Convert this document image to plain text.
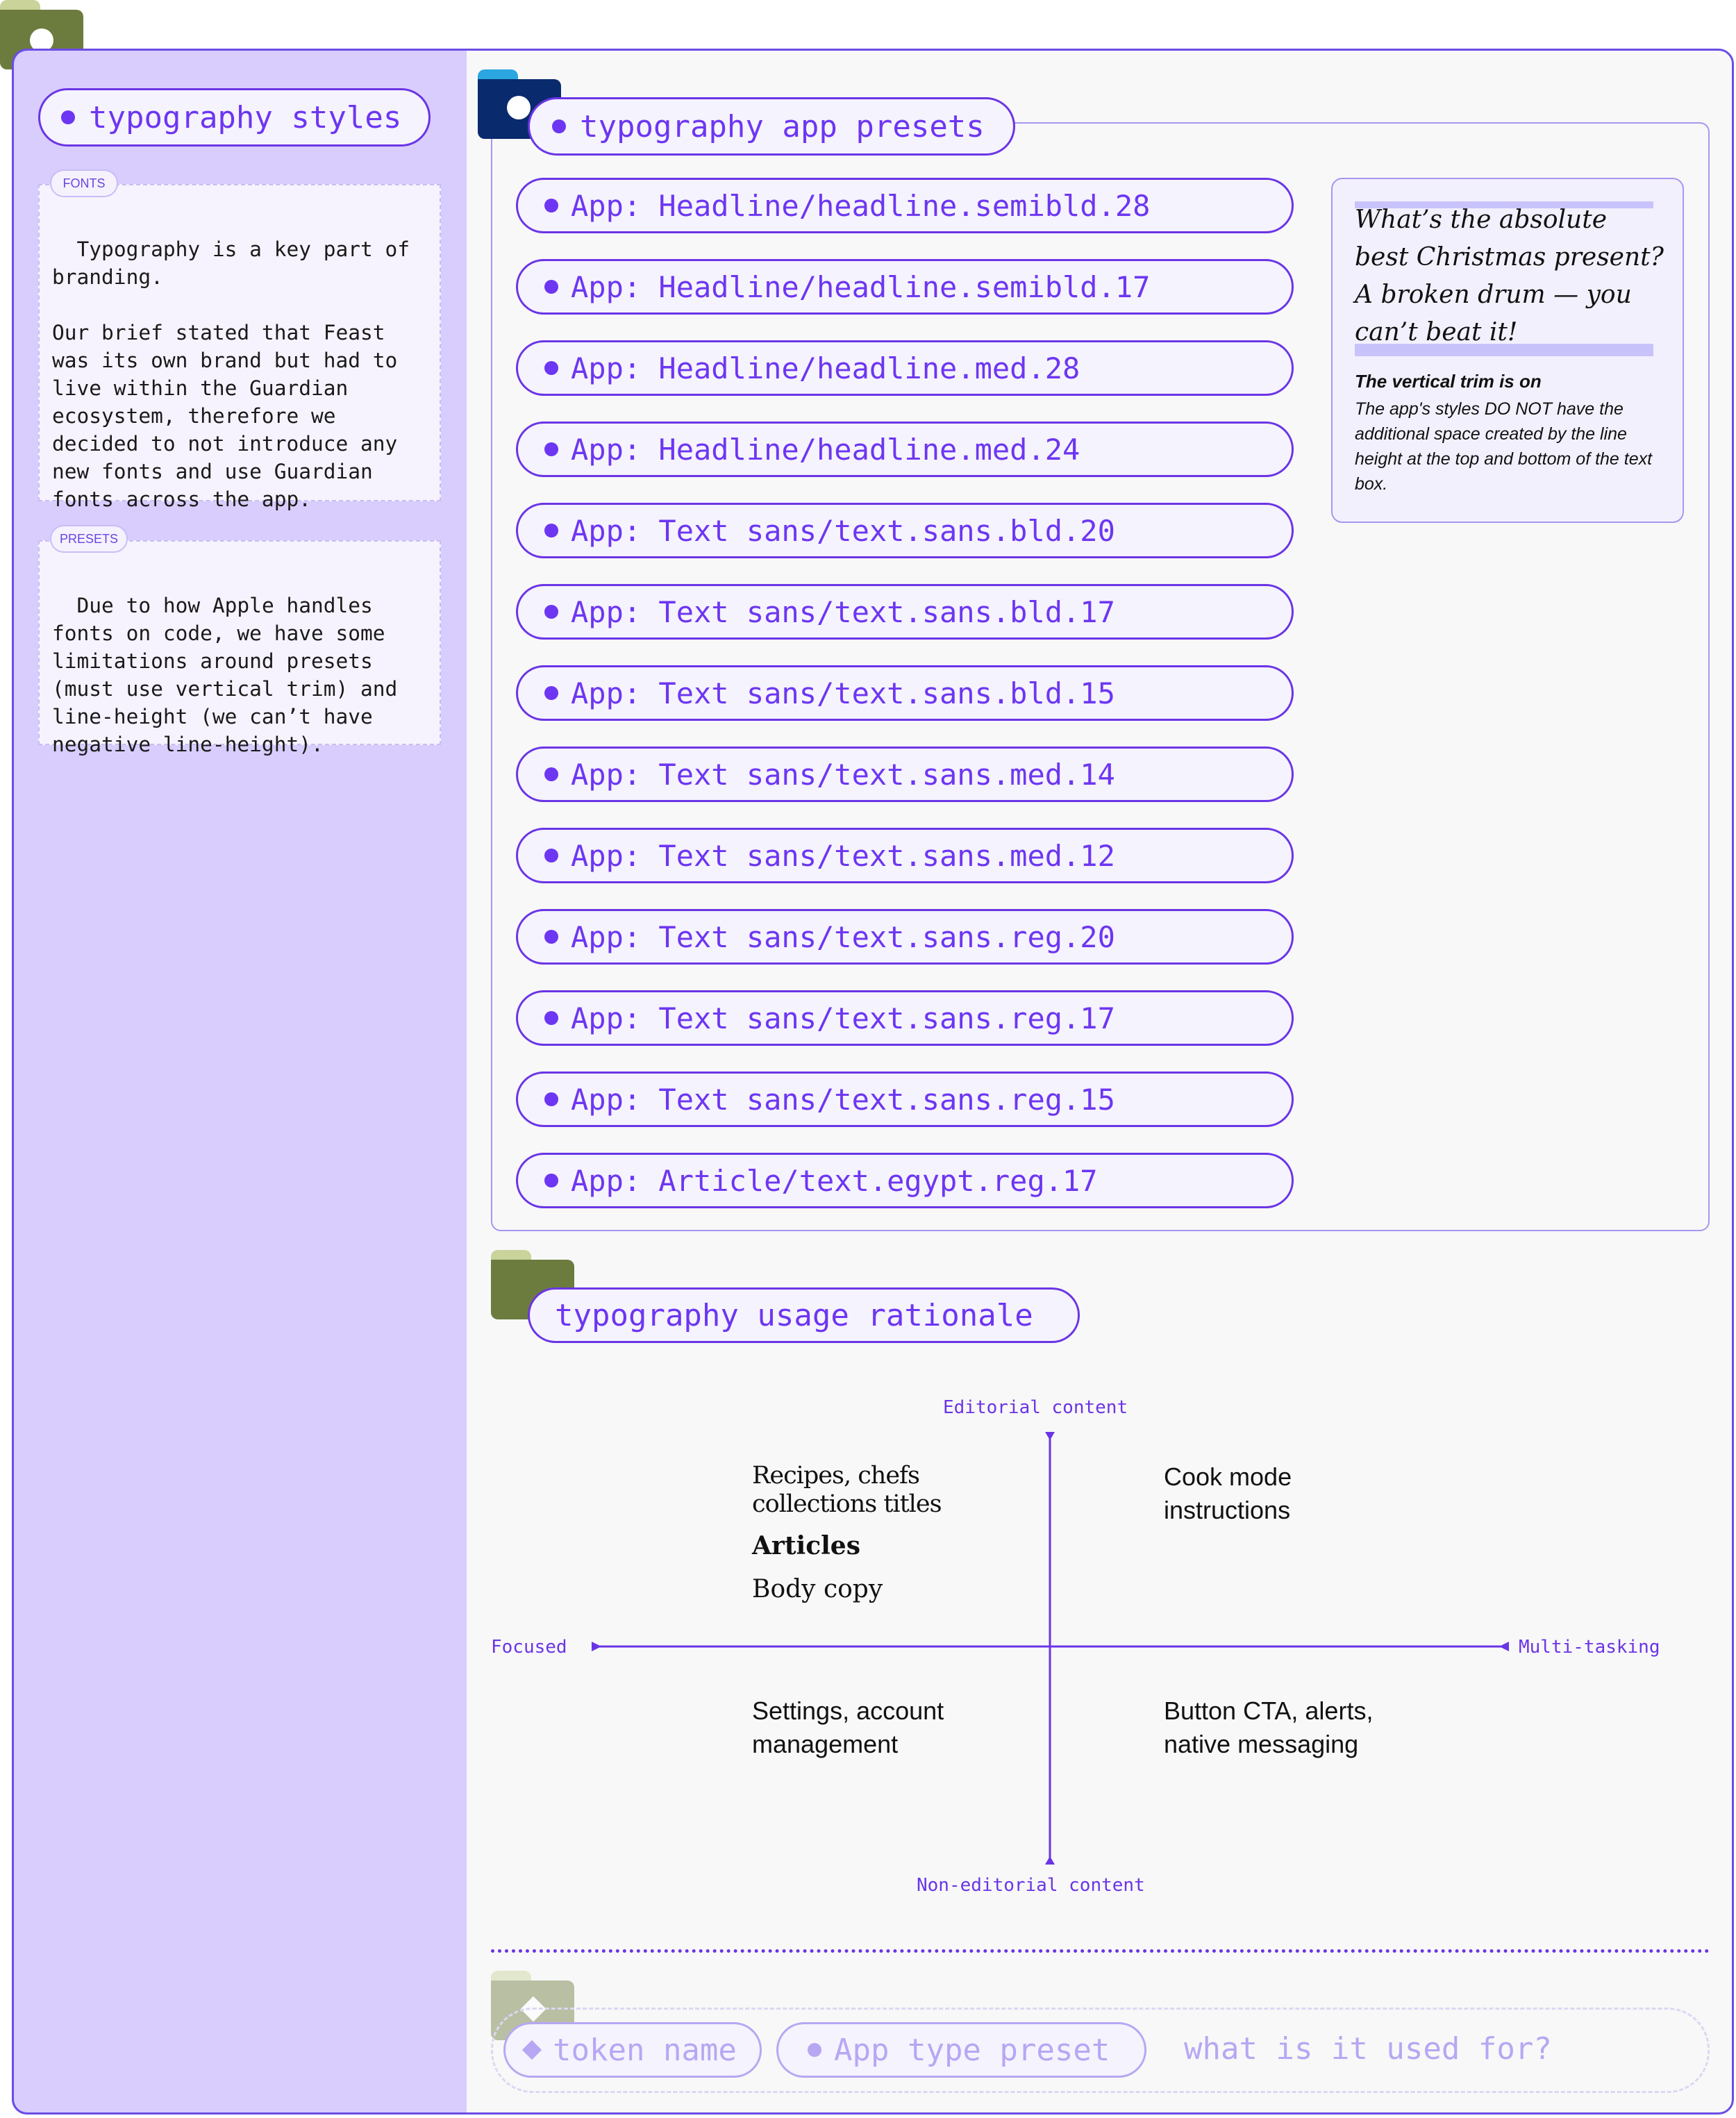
typography styles

Typography is a key part of branding.

Our brief stated that Feast was its own brand but had to live within the Guardian ecosystem, therefore we decided to not introduce any new fonts and use Guardian fonts across the app.

FONTS

Due to how Apple handles fonts on code, we have some limitations around presets (must use vertical trim) and line-height (we can’t have negative line-height).

PRESETS
typography app presets
App: Headline/headline.semibld.28
App: Headline/headline.semibld.17
App: Headline/headline.med.28
App: Headline/headline.med.24
App: Text sans/text.sans.bld.20
App: Text sans/text.sans.bld.17
App: Text sans/text.sans.bld.15
App: Text sans/text.sans.med.14
App: Text sans/text.sans.med.12
App: Text sans/text.sans.reg.20
App: Text sans/text.sans.reg.17
App: Text sans/text.sans.reg.15
App: Article/text.egypt.reg.17
What’s the absolute best Christmas present? A broken drum — you can’t beat it!
The vertical trim is on
The app's styles DO NOT have the additional space created by the line height at the top and bottom of the text box.
typography usage rationale
Editorial content
Non-editorial content
Focused	Multi-tasking
Recipes, chefs collections titles
Articles
Body copy
Cook mode instructions
Settings, account management
Button CTA, alerts, native messaging
token name	App type preset what is it used for?
